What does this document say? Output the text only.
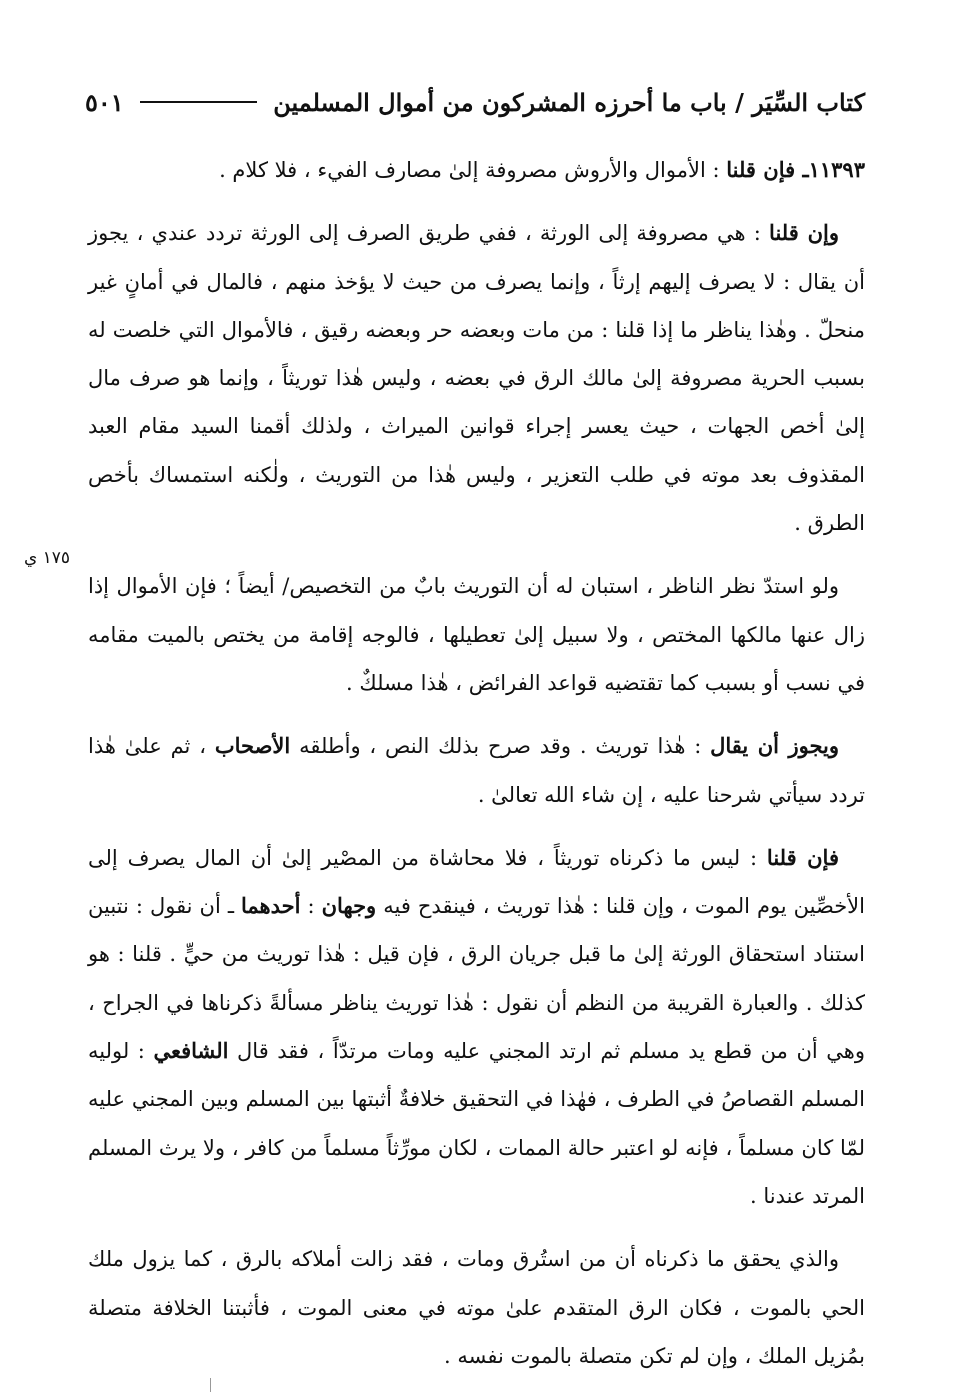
كتاب السِّيَر / باب ما أحرزه المشركون من أموال المسلمين
٥٠١
١٧٥ ي

١١٣٩٣ـ فإن قلنا : الأموال والأروش مصروفة إلىٰ مصارف الفيء ، فلا كلام .

وإن قلنا : هي مصروفة إلى الورثة ، ففي طريق الصرف إلى الورثة تردد عندي ، يجوز أن يقال : لا يصرف إليهم إرثاً ، وإنما يصرف من حيث لا يؤخذ منهم ، فالمال في أمانٍ غير منحلّ . وهٰذا يناظر ما إذا قلنا : من مات وبعضه حر وبعضه رقيق ، فالأموال التي خلصت له بسبب الحرية مصروفة إلىٰ مالك الرق في بعضه ، وليس هٰذا توريثاً ، وإنما هو صرف مال إلىٰ أخص الجهات ، حيث يعسر إجراء قوانين الميراث ، ولذلك أقمنا السيد مقام العبد المقذوف بعد موته في طلب التعزير ، وليس هٰذا من التوريث ، ولٰكنه استمساك بأخص الطرق .

ولو استدّ نظر الناظر ، استبان له أن التوريث بابٌ من التخصيص/ أيضاً ؛ فإن الأموال إذا زال عنها مالكها المختص ، ولا سبيل إلىٰ تعطيلها ، فالوجه إقامة من يختص بالميت مقامه في نسب أو بسبب كما تقتضيه قواعد الفرائض ، هٰذا مسلكٌ .

ويجوز أن يقال : هٰذا توريث . وقد صرح بذلك النص ، وأطلقه الأصحاب ، ثم علىٰ هٰذا تردد سيأتي شرحنا عليه ، إن شاء الله تعالىٰ .

فإن قلنا : ليس ما ذكرناه توريثاً ، فلا محاشاة من المصْير إلىٰ أن المال يصرف إلى الأخصِّين يوم الموت ، وإن قلنا : هٰذا توريث ، فينقدح فيه وجهان : أحدهما ـ أن نقول : نتبين استناد استحقاق الورثة إلىٰ ما قبل جريان الرق ، فإن قيل : هٰذا توريث من حيٍّ . قلنا : هو كذلك . والعبارة القريبة من النظم أن نقول : هٰذا توريث يناظر مسألةً ذكرناها في الجراح ، وهي أن من قطع يد مسلم ثم ارتد المجني عليه ومات مرتدّاً ، فقد قال الشافعي : لوليه المسلم القصاصُ في الطرف ، فهٰذا في التحقيق خلافةٌ أثبتها بين المسلم وبين المجني عليه لمّا كان مسلماً ، فإنه لو اعتبر حالة الممات ، لكان مورِّثاً مسلماً من كافر ، ولا يرث المسلم المرتد عندنا .

والذي يحقق ما ذكرناه أن من استُرق ومات ، فقد زالت أملاكه بالرق ، كما يزول ملك الحي بالموت ، فكان الرق المتقدم علىٰ موته في معنى الموت ، فأثبتنا الخلافة متصلة بمُزيل الملك ، وإن لم تكن متصلة بالموت نفسه .
